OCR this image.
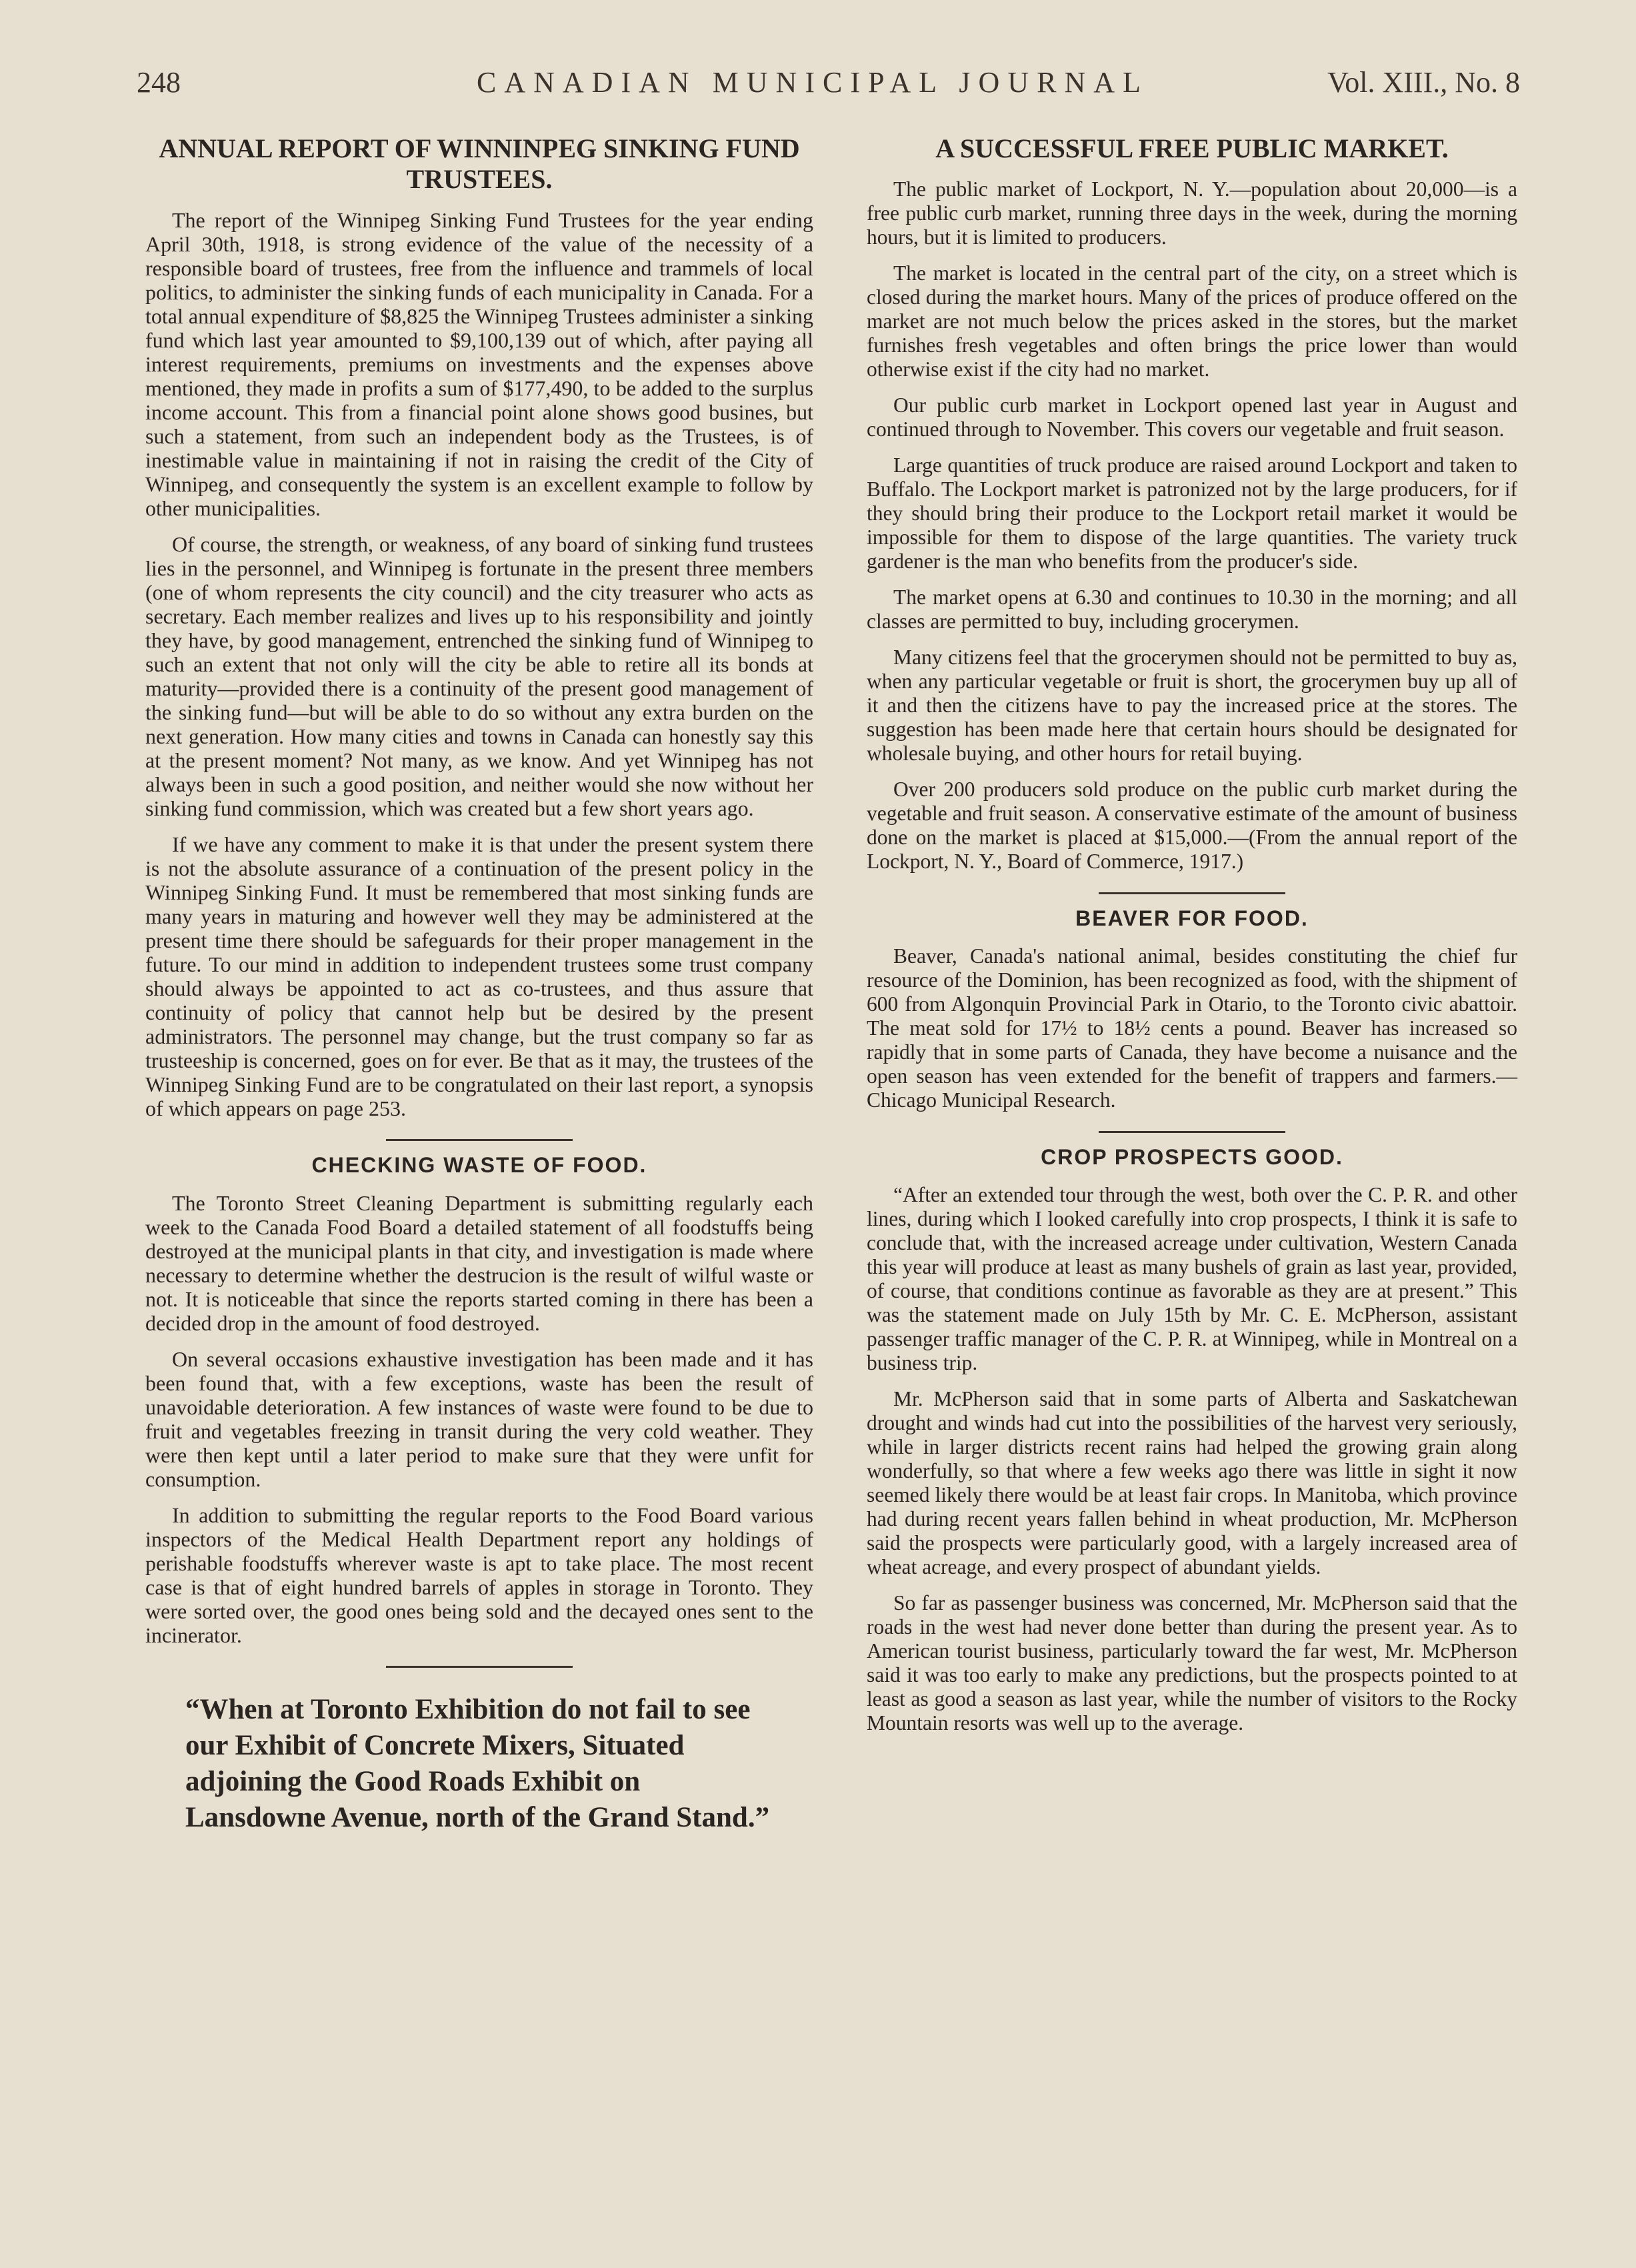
248	CANADIAN MUNICIPAL JOURNAL	Vol. XIII., No. 8
ANNUAL REPORT OF WINNINPEG SINKING FUND TRUSTEES.

The report of the Winnipeg Sinking Fund Trustees for the year ending April 30th, 1918, is strong evidence of the value of the necessity of a responsible board of trustees, free from the influence and trammels of local politics, to administer the sinking funds of each municipality in Canada. For a total annual expenditure of $8,825 the Winnipeg Trustees administer a sinking fund which last year amounted to $9,100,139 out of which, after paying all interest requirements, premiums on investments and the expenses above mentioned, they made in profits a sum of $177,490, to be added to the surplus income account. This from a financial point alone shows good busines, but such a statement, from such an independent body as the Trustees, is of inestimable value in maintaining if not in raising the credit of the City of Winnipeg, and consequently the system is an excellent example to follow by other municipalities.

Of course, the strength, or weakness, of any board of sinking fund trustees lies in the personnel, and Winnipeg is fortunate in the present three members (one of whom represents the city council) and the city treasurer who acts as secretary. Each member realizes and lives up to his responsibility and jointly they have, by good management, entrenched the sinking fund of Winnipeg to such an extent that not only will the city be able to retire all its bonds at maturity—provided there is a continuity of the present good management of the sinking fund—but will be able to do so without any extra burden on the next generation. How many cities and towns in Canada can honestly say this at the present moment? Not many, as we know. And yet Winnipeg has not always been in such a good position, and neither would she now without her sinking fund commission, which was created but a few short years ago.

If we have any comment to make it is that under the present system there is not the absolute assurance of a continuation of the present policy in the Winnipeg Sinking Fund. It must be remembered that most sinking funds are many years in maturing and however well they may be administered at the present time there should be safeguards for their proper management in the future. To our mind in addition to independent trustees some trust company should always be appointed to act as co-trustees, and thus assure that continuity of policy that cannot help but be desired by the present administrators. The personnel may change, but the trust company so far as trusteeship is concerned, goes on for ever. Be that as it may, the trustees of the Winnipeg Sinking Fund are to be congratulated on their last report, a synopsis of which appears on page 253.

CHECKING WASTE OF FOOD.

The Toronto Street Cleaning Department is submitting regularly each week to the Canada Food Board a detailed statement of all foodstuffs being destroyed at the municipal plants in that city, and investigation is made where necessary to determine whether the destrucion is the result of wilful waste or not. It is noticeable that since the reports started coming in there has been a decided drop in the amount of food destroyed.

On several occasions exhaustive investigation has been made and it has been found that, with a few exceptions, waste has been the result of unavoidable deterioration. A few instances of waste were found to be due to fruit and vegetables freezing in transit during the very cold weather. They were then kept until a later period to make sure that they were unfit for consumption.

In addition to submitting the regular reports to the Food Board various inspectors of the Medical Health Department report any holdings of perishable foodstuffs wherever waste is apt to take place. The most recent case is that of eight hundred barrels of apples in storage in Toronto. They were sorted over, the good ones being sold and the decayed ones sent to the incinerator.

“When at Toronto Exhibition do not fail to see our Exhibit of Concrete Mixers, Situated adjoining the Good Roads Exhibit on Lansdowne Avenue, north of the Grand Stand.”
A SUCCESSFUL FREE PUBLIC MARKET.

The public market of Lockport, N. Y.—population about 20,000—is a free public curb market, running three days in the week, during the morning hours, but it is limited to producers.

The market is located in the central part of the city, on a street which is closed during the market hours. Many of the prices of produce offered on the market are not much below the prices asked in the stores, but the market furnishes fresh vegetables and often brings the price lower than would otherwise exist if the city had no market.

Our public curb market in Lockport opened last year in August and continued through to November. This covers our vegetable and fruit season.

Large quantities of truck produce are raised around Lockport and taken to Buffalo. The Lockport market is patronized not by the large producers, for if they should bring their produce to the Lockport retail market it would be impossible for them to dispose of the large quantities. The variety truck gardener is the man who benefits from the producer's side.

The market opens at 6.30 and continues to 10.30 in the morning; and all classes are permitted to buy, including grocerymen.

Many citizens feel that the grocerymen should not be permitted to buy as, when any particular vegetable or fruit is short, the grocerymen buy up all of it and then the citizens have to pay the increased price at the stores. The suggestion has been made here that certain hours should be designated for wholesale buying, and other hours for retail buying.

Over 200 producers sold produce on the public curb market during the vegetable and fruit season. A conservative estimate of the amount of business done on the market is placed at $15,000.—(From the annual report of the Lockport, N. Y., Board of Commerce, 1917.)

BEAVER FOR FOOD.

Beaver, Canada's national animal, besides constituting the chief fur resource of the Dominion, has been recognized as food, with the shipment of 600 from Algonquin Provincial Park in Otario, to the Toronto civic abattoir. The meat sold for 17½ to 18½ cents a pound. Beaver has increased so rapidly that in some parts of Canada, they have become a nuisance and the open season has veen extended for the benefit of trappers and farmers.—Chicago Municipal Research.

CROP PROSPECTS GOOD.

“After an extended tour through the west, both over the C. P. R. and other lines, during which I looked carefully into crop prospects, I think it is safe to conclude that, with the increased acreage under cultivation, Western Canada this year will produce at least as many bushels of grain as last year, provided, of course, that conditions continue as favorable as they are at present.” This was the statement made on July 15th by Mr. C. E. McPherson, assistant passenger traffic manager of the C. P. R. at Winnipeg, while in Montreal on a business trip.

Mr. McPherson said that in some parts of Alberta and Saskatchewan drought and winds had cut into the possibilities of the harvest very seriously, while in larger districts recent rains had helped the growing grain along wonderfully, so that where a few weeks ago there was little in sight it now seemed likely there would be at least fair crops. In Manitoba, which province had during recent years fallen behind in wheat production, Mr. McPherson said the prospects were particularly good, with a largely increased area of wheat acreage, and every prospect of abundant yields.

So far as passenger business was concerned, Mr. McPherson said that the roads in the west had never done better than during the present year. As to American tourist business, particularly toward the far west, Mr. McPherson said it was too early to make any predictions, but the prospects pointed to at least as good a season as last year, while the number of visitors to the Rocky Mountain resorts was well up to the average.
